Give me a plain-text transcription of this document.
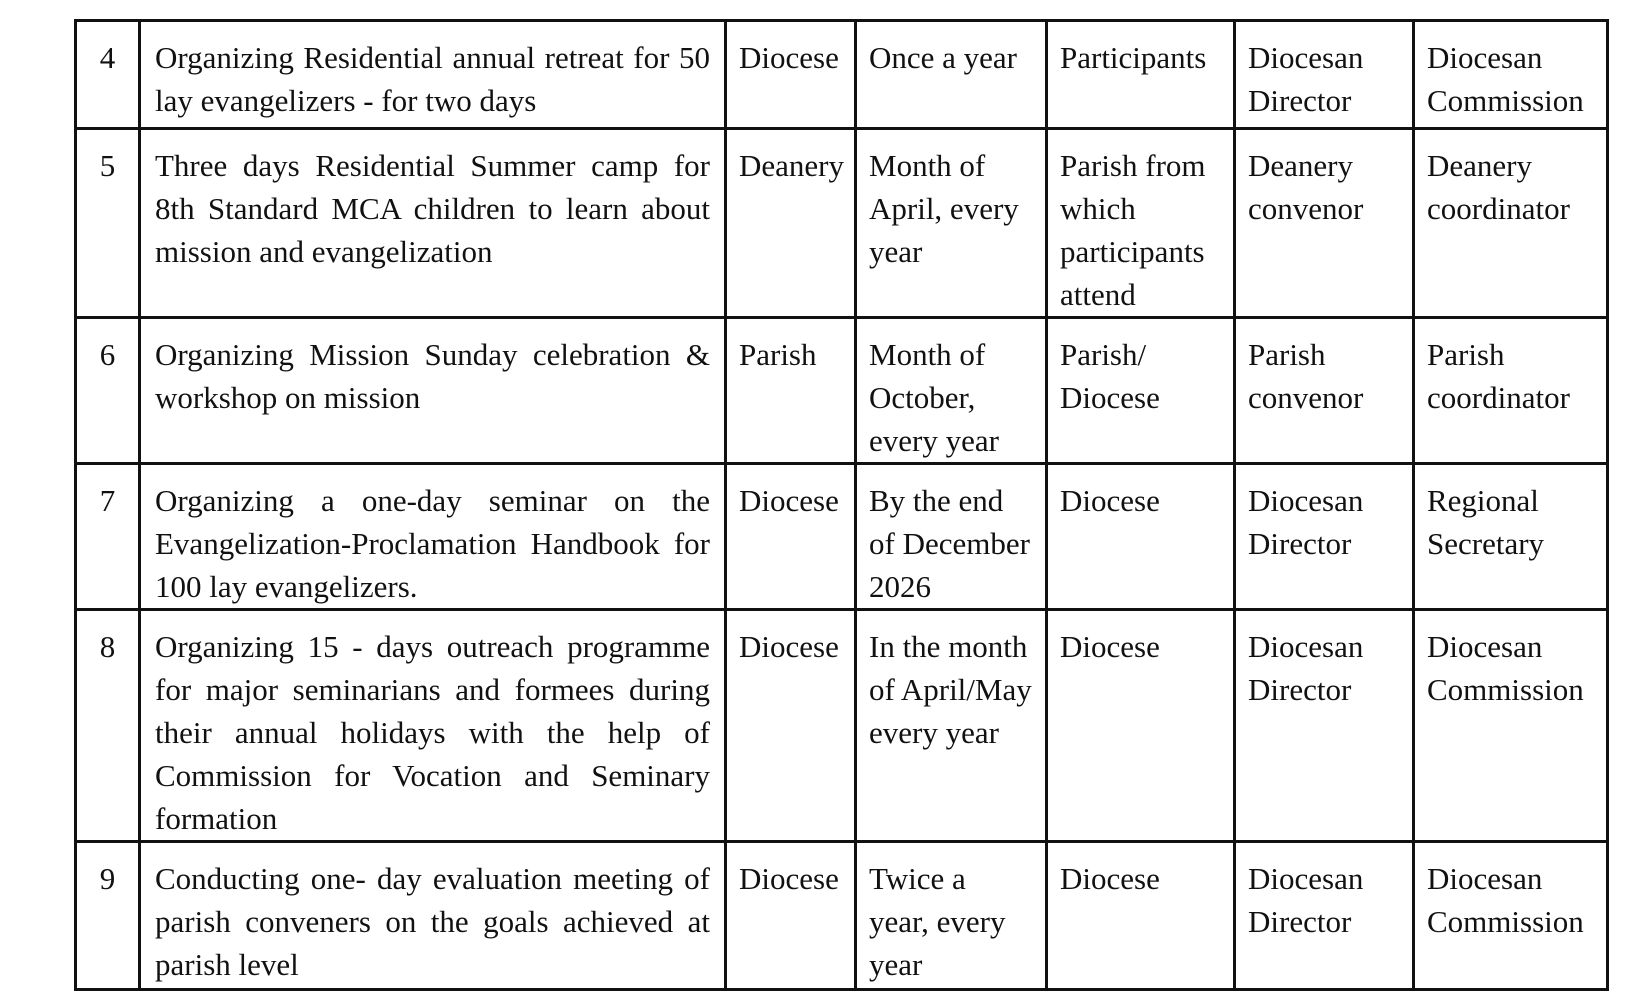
4	Organizing Residential annual retreat for 50 lay evangelizers - for two days	Diocese	Once a year	Participants	Diocesan Director	Diocesan Commission
5	Three days Residential Summer camp for 8th Standard MCA children to learn about mission and evangelization	Deanery	Month of April, every year	Parish from which participants attend	Deanery convenor	Deanery coordinator
6	Organizing Mission Sunday celebration & workshop on mission	Parish	Month of October, every year	Parish/ Diocese	Parish convenor	Parish coordinator
7	Organizing a one-day seminar on the Evangelization-Proclamation Handbook for 100 lay evangelizers.	Diocese	By the end of December 2026	Diocese	Diocesan Director	Regional Secretary
8	Organizing 15 - days outreach programme for major seminarians and formees during their annual holidays with the help of Commission for Vocation and Seminary formation	Diocese	In the month of April/May every year	Diocese	Diocesan Director	Diocesan Commission
9	Conducting one- day evaluation meeting of parish conveners on the goals achieved at parish level	Diocese	Twice a year, every year	Diocese	Diocesan Director	Diocesan Commission
